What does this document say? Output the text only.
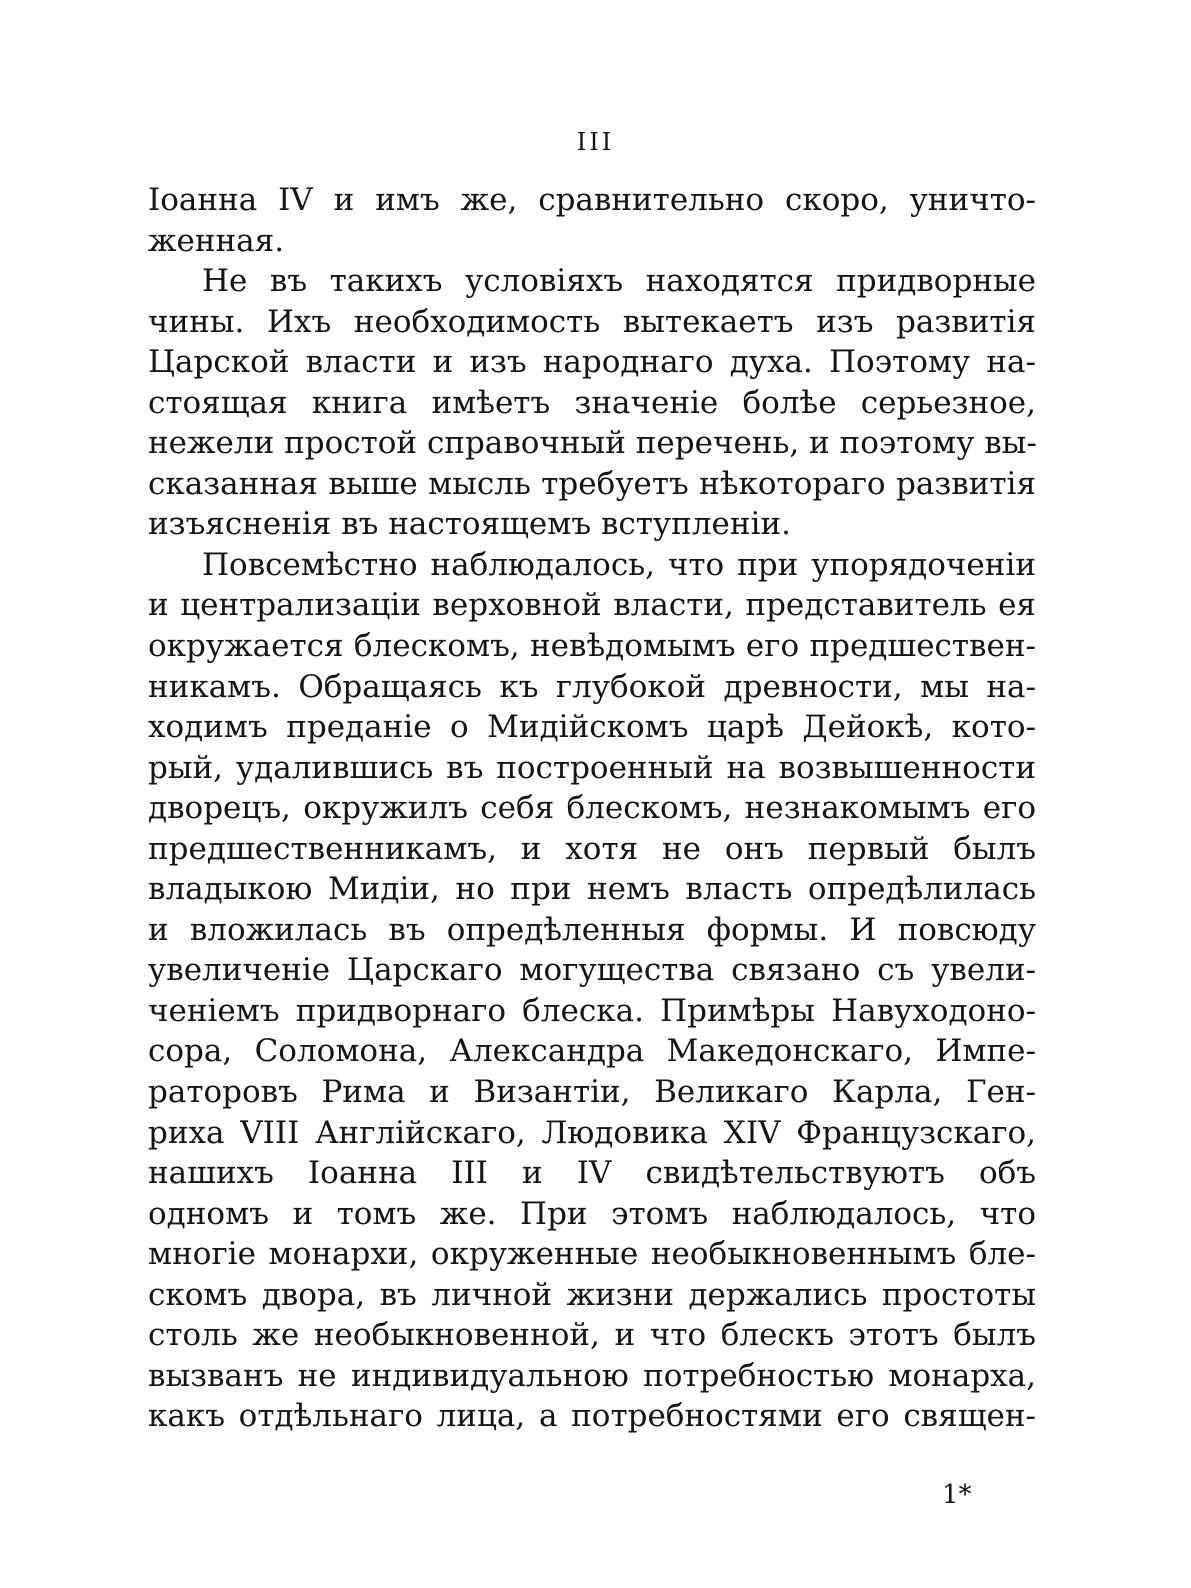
III
Іоанна IV и имъ же, сравнительно скоро, уничто-
женная.
Не въ такихъ условіяхъ находятся придворные
чины. Ихъ необходимость вытекаетъ изъ развитія
Царской власти и изъ народнаго духа. Поэтому на-
стоящая книга имѣетъ значеніе болѣе серьезное,
нежели простой справочный перечень, и поэтому вы-
сказанная выше мысль требуетъ нѣкотораго развитія
изъясненія въ настоящемъ вступленіи.
Повсемѣстно наблюдалось, что при упорядоченіи
и централизаціи верховной власти, представитель ея
окружается блескомъ, невѣдомымъ его предшествен-
никамъ. Обращаясь къ глубокой древности, мы на-
ходимъ преданіе о Мидійскомъ царѣ Дейокѣ, кото-
рый, удалившись въ построенный на возвышенности
дворецъ, окружилъ себя блескомъ, незнакомымъ его
предшественникамъ, и хотя не онъ первый былъ
владыкою Мидіи, но при немъ власть опредѣлилась
и вложилась въ опредѣленныя формы. И повсюду
увеличеніе Царскаго могущества связано съ увели-
ченіемъ придворнаго блеска. Примѣры Навуходоно-
сора, Соломона, Александра Македонскаго, Импе-
раторовъ Рима и Византіи, Великаго Карла, Ген-
риха VIII Англійскаго, Людовика XIV Французскаго,
нашихъ Іоанна III и IV свидѣтельствуютъ объ
одномъ и томъ же. При этомъ наблюдалось, что
многіе монархи, окруженные необыкновеннымъ бле-
скомъ двора, въ личной жизни держались простоты
столь же необыкновенной, и что блескъ этотъ былъ
вызванъ не индивидуальною потребностью монарха,
какъ отдѣльнаго лица, а потребностями его священ-
1*
